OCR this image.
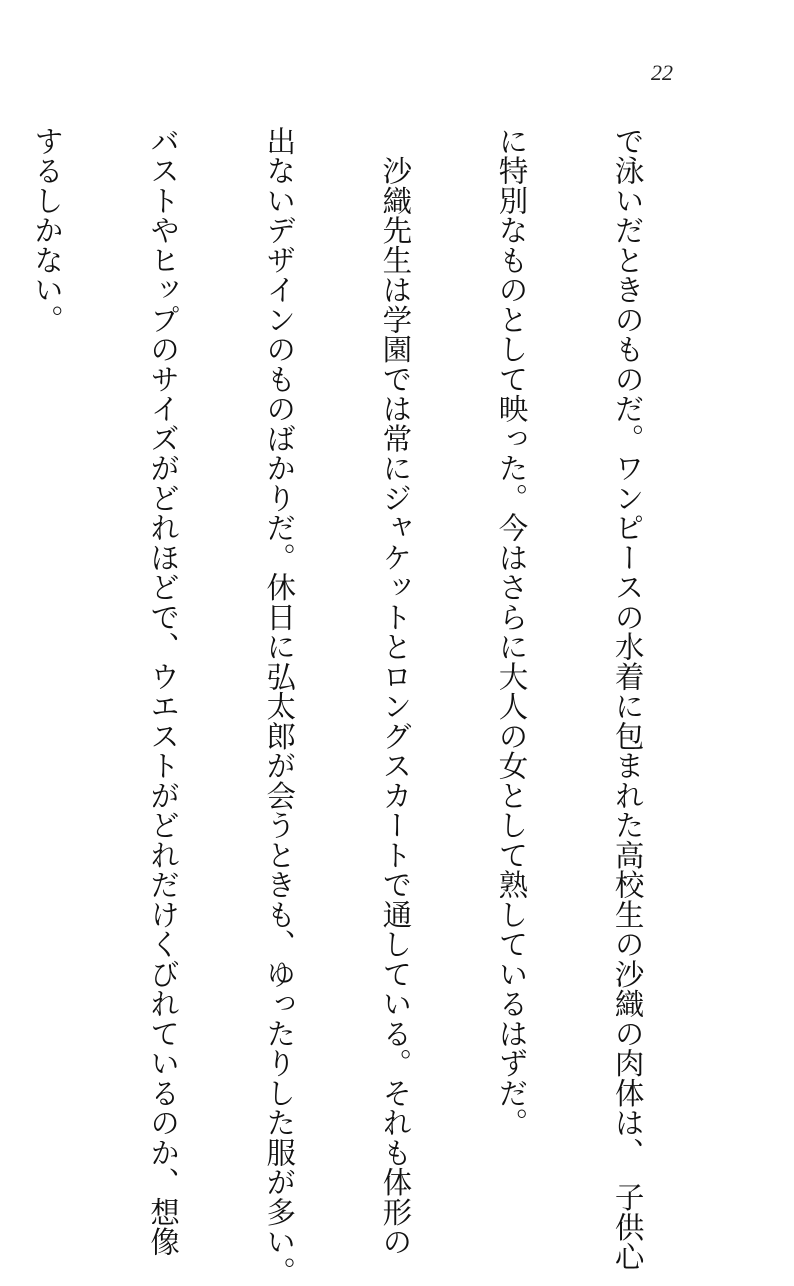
22

で泳いだときのものだ。ワンピースの水着に包まれた高校生の沙織の肉体は、　子供心

に特別なものとして映った。今はさらに大人の女として熟しているはずだ。

　沙織先生は学園では常にジャケットとロングスカートで通している。それも体形の

出ないデザインのものばかりだ。休日に弘太郎が会うときも、ゆったりした服が多い。

バストやヒップのサイズがどれほどで、ウエストがどれだけくびれているのか、想像

するしかない。
